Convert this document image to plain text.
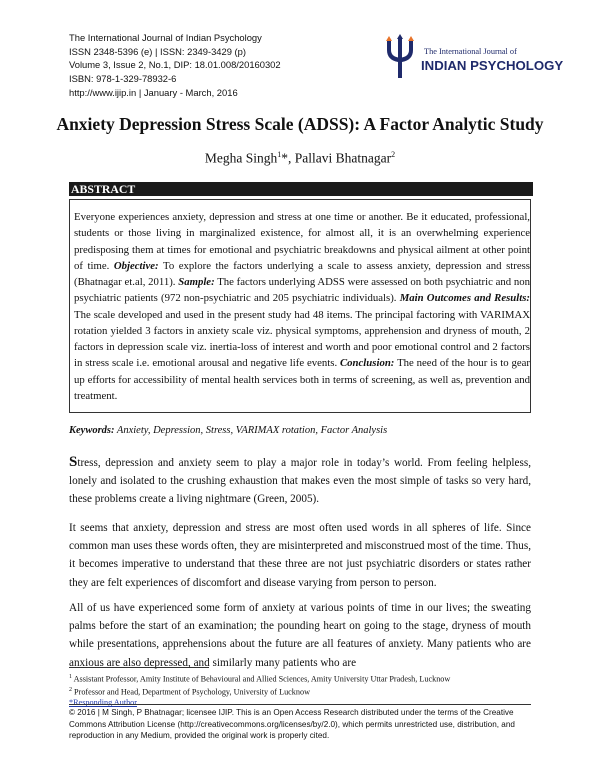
The International Journal of Indian Psychology
ISSN 2348-5396 (e) | ISSN: 2349-3429 (p)
Volume 3, Issue 2, No.1, DIP: 18.01.008/20160302
ISBN: 978-1-329-78932-6
http://www.ijip.in | January - March, 2016
The International Journal of
INDIAN PSYCHOLOGY
Anxiety Depression Stress Scale (ADSS): A Factor Analytic Study
Megha Singh$^1$*, Pallavi Bhatnagar$^2$
ABSTRACT
Everyone experiences anxiety, depression and stress at one time or another. Be it educated, professional, students or those living in marginalized existence, for almost all, it is an overwhelming experience predisposing them at times for emotional and psychiatric breakdowns and physical ailment at other point of time. Objective: To explore the factors underlying a scale to assess anxiety, depression and stress (Bhatnagar et.al, 2011). Sample: The factors underlying ADSS were assessed on both psychiatric and non psychiatric patients (972 non-psychiatric and 205 psychiatric individuals). Main Outcomes and Results: The scale developed and used in the present study had 48 items. The principal factoring with VARIMAX rotation yielded 3 factors in anxiety scale viz. physical symptoms, apprehension and dryness of mouth, 2 factors in depression scale viz. inertia-loss of interest and worth and poor emotional control and 2 factors in stress scale i.e. emotional arousal and negative life events. Conclusion: The need of the hour is to gear up efforts for accessibility of mental health services both in terms of screening, as well as, prevention and treatment.
Keywords: Anxiety, Depression, Stress, VARIMAX rotation, Factor Analysis
Stress, depression and anxiety seem to play a major role in today’s world. From feeling helpless, lonely and isolated to the crushing exhaustion that makes even the most simple of tasks so very hard, these problems create a living nightmare (Green, 2005).
It seems that anxiety, depression and stress are most often used words in all spheres of life. Since common man uses these words often, they are misinterpreted and misconstrued most of the time. Thus, it becomes imperative to understand that these three are not just psychiatric disorders or states rather they are felt experiences of discomfort and disease varying from person to person.
All of us have experienced some form of anxiety at various points of time in our lives; the sweating palms before the start of an examination; the pounding heart on going to the stage, dryness of mouth while presentations, apprehensions about the future are all features of anxiety. Many patients who are anxious are also depressed, and similarly many patients who are
$^1$ Assistant Professor, Amity Institute of Behavioural and Allied Sciences, Amity University Uttar Pradesh, Lucknow
$^2$ Professor and Head, Department of Psychology, University of Lucknow
*Responding Author
© 2016 | M Singh, P Bhatnagar; licensee IJIP. This is an Open Access Research distributed under the terms of the Creative Commons Attribution License (http://creativecommons.org/licenses/by/2.0), which permits unrestricted use, distribution, and reproduction in any Medium, provided the original work is properly cited.
